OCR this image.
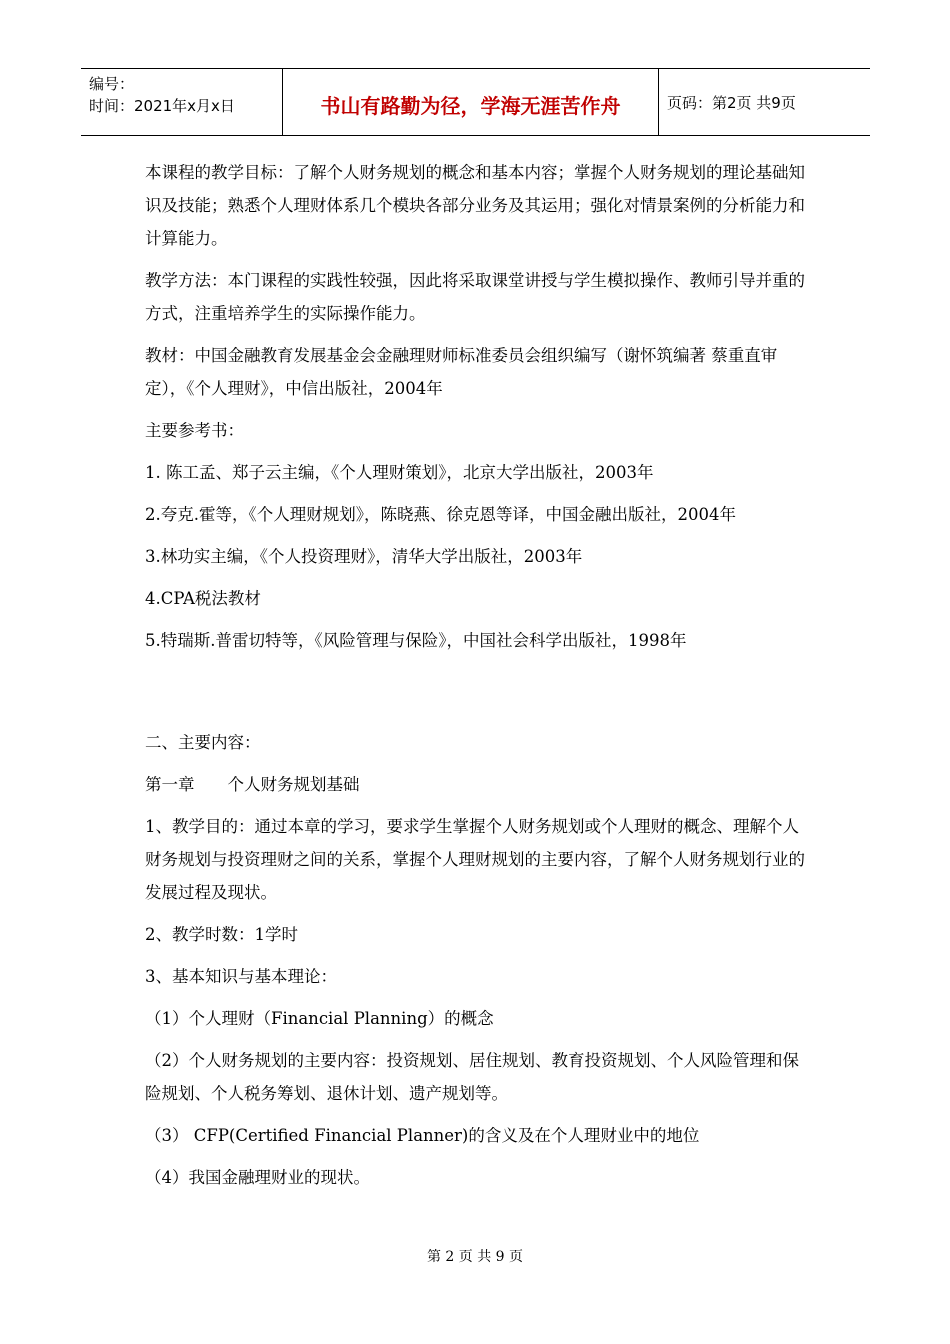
编号：
时间：2021年x月x日	书山有路勤为径，学海无涯苦作舟	页码：第2页 共9页

本课程的教学目标：了解个人财务规划的概念和基本内容；掌握个人财务规划的理论基础知识及技能；熟悉个人理财体系几个模块各部分业务及其运用；强化对情景案例的分析能力和计算能力。

教学方法：本门课程的实践性较强，因此将采取课堂讲授与学生模拟操作、教师引导并重的方式，注重培养学生的实际操作能力。

教材：中国金融教育发展基金会金融理财师标准委员会组织编写（谢怀筑编著 蔡重直审定），《个人理财》，中信出版社，2004年

主要参考书：

1. 陈工孟、郑子云主编，《个人理财策划》，北京大学出版社，2003年

2.夸克.霍等，《个人理财规划》，陈晓燕、徐克恩等译，中国金融出版社，2004年

3.林功实主编，《个人投资理财》，清华大学出版社，2003年

4.CPA税法教材

5.特瑞斯.普雷切特等，《风险管理与保险》，中国社会科学出版社，1998年

二、主要内容：

第一章　　个人财务规划基础

1、教学目的：通过本章的学习，要求学生掌握个人财务规划或个人理财的概念、理解个人财务规划与投资理财之间的关系，掌握个人理财规划的主要内容，了解个人财务规划行业的发展过程及现状。

2、教学时数：1学时

3、基本知识与基本理论：

（1）个人理财（Financial Planning）的概念

（2）个人财务规划的主要内容：投资规划、居住规划、教育投资规划、个人风险管理和保险规划、个人税务筹划、退休计划、遗产规划等。

（3） CFP(Certified Financial Planner)的含义及在个人理财业中的地位

（4）我国金融理财业的现状。

第 2 页 共 9 页
